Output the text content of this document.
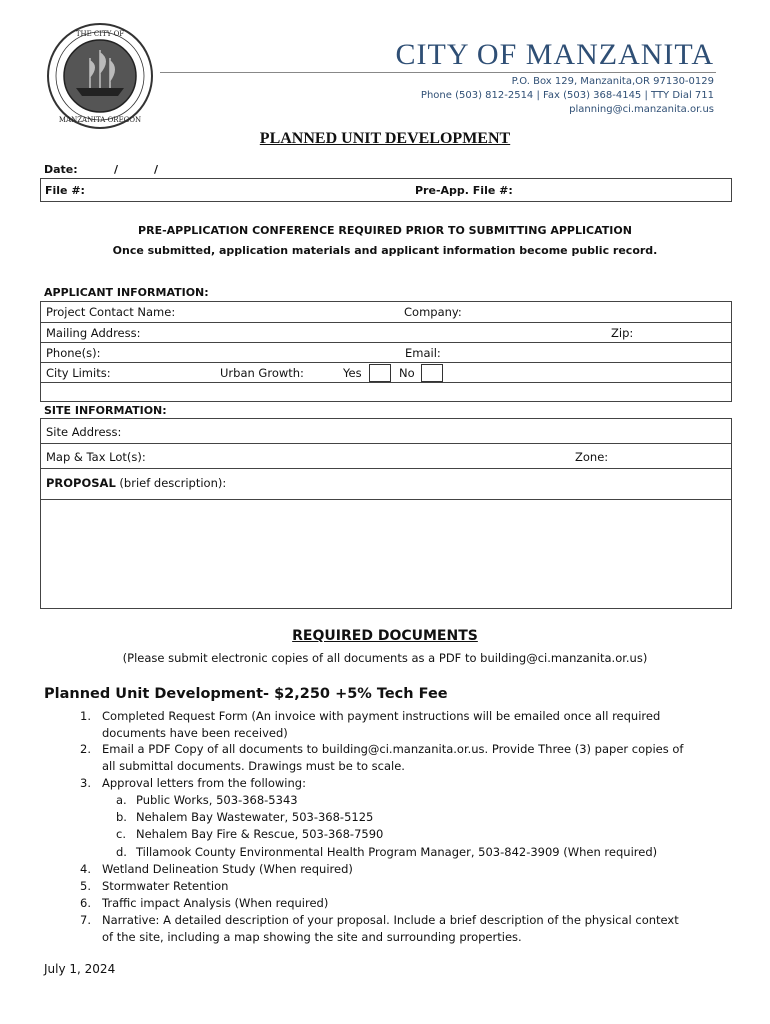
THE CITY OF
MANZANITA OREGON
CITY OF MANZANITA
P.O. Box 129, Manzanita,OR 97130-0129
Phone (503) 812-2514 | Fax (503) 368-4145 | TTY Dial 711
planning@ci.manzanita.or.us
PLANNED UNIT DEVELOPMENT
Date:	/	/
File #:	Pre-App. File #:
PRE-APPLICATION CONFERENCE REQUIRED PRIOR TO SUBMITTING APPLICATION
Once submitted, application materials and applicant information become public record.
APPLICANT INFORMATION:
Project Contact Name:	Company:
Mailing Address:	Zip:
Phone(s):	Email:
City Limits:	Urban Growth:	Yes	No
SITE INFORMATION:
Site Address:
Map & Tax Lot(s):	Zone:
PROPOSAL (brief description):
REQUIRED DOCUMENTS
(Please submit electronic copies of all documents as a PDF to building@ci.manzanita.or.us)
Planned Unit Development- $2,250 +5% Tech Fee
1. Completed Request Form (An invoice with payment instructions will be emailed once all required
documents have been received)
2. Email a PDF Copy of all documents to building@ci.manzanita.or.us. Provide Three (3) paper copies of
all submittal documents. Drawings must be to scale.
3. Approval letters from the following:
a. Public Works, 503-368-5343
b. Nehalem Bay Wastewater, 503-368-5125
c. Nehalem Bay Fire & Rescue, 503-368-7590
d. Tillamook County Environmental Health Program Manager, 503-842-3909 (When required)
4. Wetland Delineation Study (When required)
5. Stormwater Retention
6. Traffic impact Analysis (When required)
7. Narrative: A detailed description of your proposal. Include a brief description of the physical context
of the site, including a map showing the site and surrounding properties.
July 1, 2024
